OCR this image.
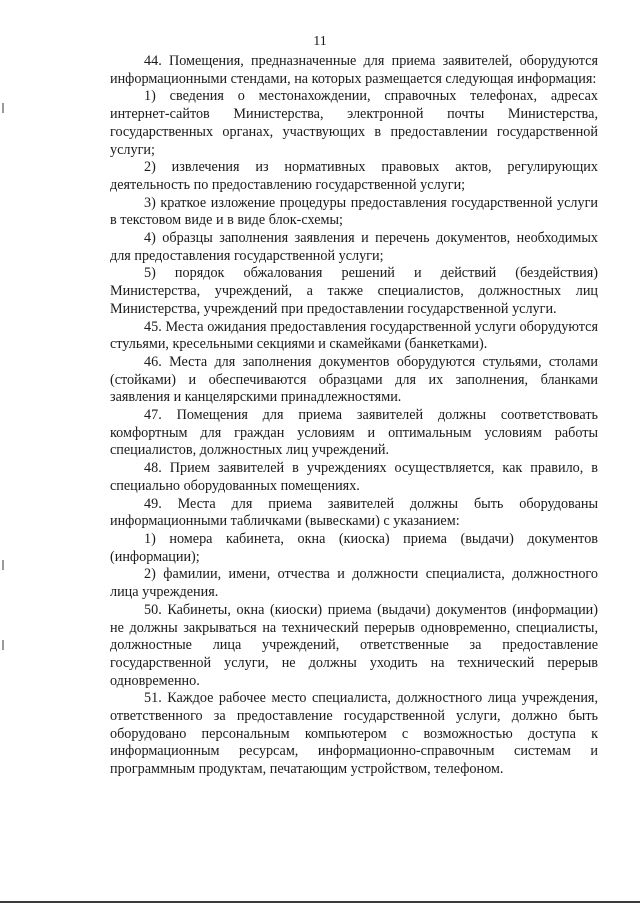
11

44. Помещения, предназначенные для приема заявителей, оборудуются информационными стендами, на которых размещается следующая информация:

1) сведения о местонахождении, справочных телефонах, адресах интернет-сайтов Министерства, электронной почты Министерства, государственных органах, участвующих в предоставлении государственной услуги;

2) извлечения из нормативных правовых актов, регулирующих деятельность по предоставлению государственной услуги;

3) краткое изложение процедуры предоставления государственной услуги в текстовом виде и в виде блок-схемы;

4) образцы заполнения заявления и перечень документов, необходимых для предоставления государственной услуги;

5) порядок обжалования решений и действий (бездействия) Министерства, учреждений, а также специалистов, должностных лиц Министерства, учреждений при предоставлении государственной услуги.

45. Места ожидания предоставления государственной услуги оборудуются стульями, кресельными секциями и скамейками (банкетками).

46. Места для заполнения документов оборудуются стульями, столами (стойками) и обеспечиваются образцами для их заполнения, бланками заявления и канцелярскими принадлежностями.

47. Помещения для приема заявителей должны соответствовать комфортным для граждан условиям и оптимальным условиям работы специалистов, должностных лиц учреждений.

48. Прием заявителей в учреждениях осуществляется, как правило, в специально оборудованных помещениях.

49. Места для приема заявителей должны быть оборудованы информационными табличками (вывесками) с указанием:

1) номера кабинета, окна (киоска) приема (выдачи) документов (информации);

2) фамилии, имени, отчества и должности специалиста, должностного лица учреждения.

50. Кабинеты, окна (киоски) приема (выдачи) документов (информации) не должны закрываться на технический перерыв одновременно, специалисты, должностные лица учреждений, ответственные за предоставление государственной услуги, не должны уходить на технический перерыв одновременно.

51. Каждое рабочее место специалиста, должностного лица учреждения, ответственного за предоставление государственной услуги, должно быть оборудовано персональным компьютером с возможностью доступа к информационным ресурсам, информационно-справочным системам и программным продуктам, печатающим устройством, телефоном.
